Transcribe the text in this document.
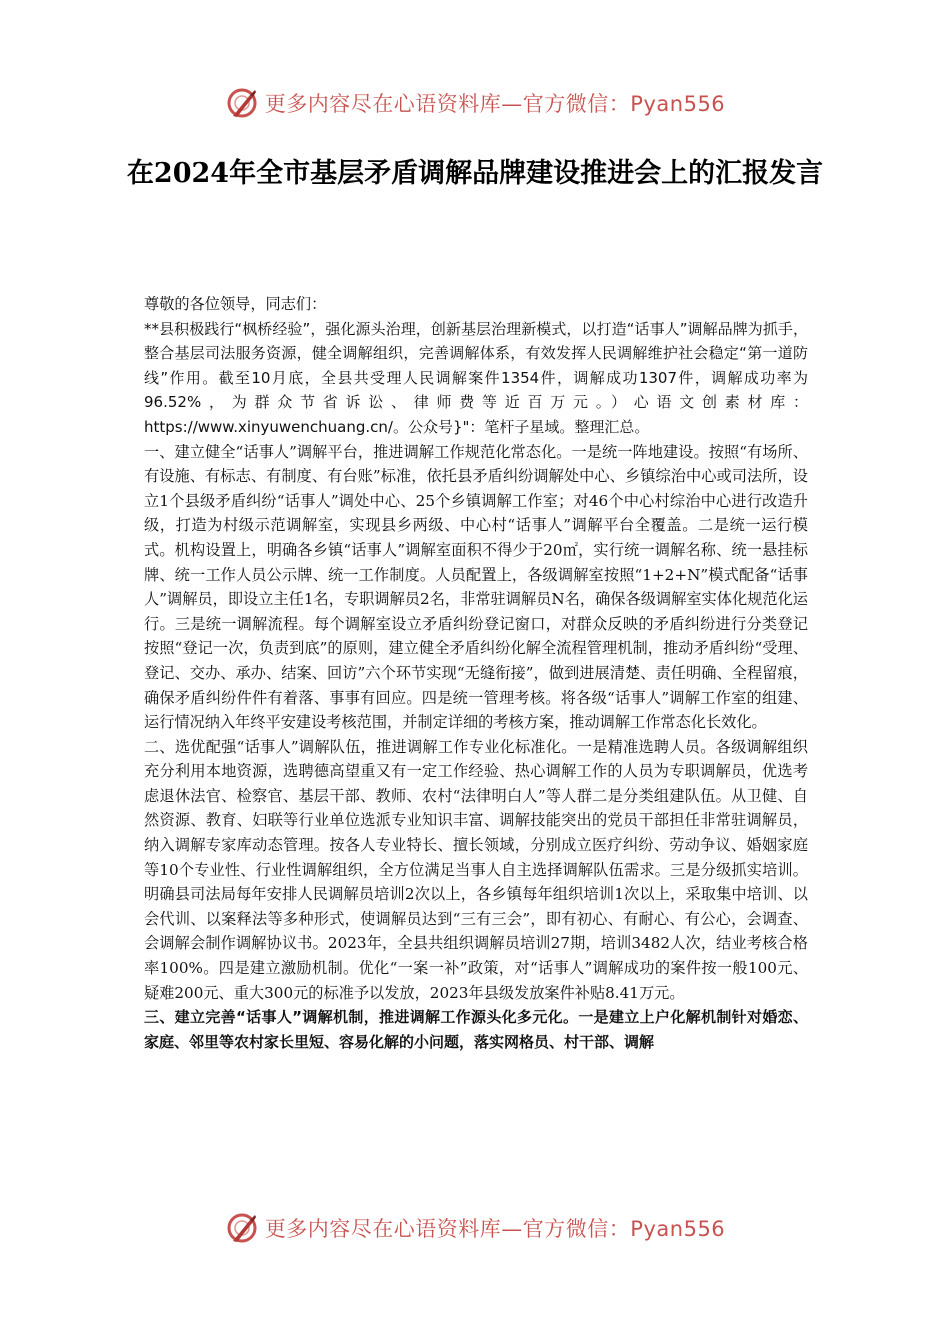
更多内容尽在心语资料库—官方微信：Pyan556
在2024年全市基层矛盾调解品牌建设推进会上的汇报发言

尊敬的各位领导，同志们：

**县积极践行“枫桥经验”，强化源头治理，创新基层治理新模式，以打造“话事人”调解品牌为抓手，整合基层司法服务资源，健全调解组织，完善调解体系，有效发挥人民调解维护社会稳定“第一道防线”作用。截至10月底，全县共受理人民调解案件1354件，调解成功1307件，调解成功率为96.52%，为群众节省诉讼、律师费等近百万元。）心语文创素材库：https://www.xinyuwenchuang.cn/。公众号}"：笔杆子星域。整理汇总。

一、建立健全“话事人”调解平台，推进调解工作规范化常态化。一是统一阵地建设。按照“有场所、有设施、有标志、有制度、有台账”标准，依托县矛盾纠纷调解处中心、乡镇综治中心或司法所，设立1个县级矛盾纠纷“话事人”调处中心、25个乡镇调解工作室；对46个中心村综治中心进行改造升级，打造为村级示范调解室，实现县乡两级、中心村“话事人”调解平台全覆盖。二是统一运行模式。机构设置上，明确各乡镇“话事人”调解室面积不得少于20㎡，实行统一调解名称、统一悬挂标牌、统一工作人员公示牌、统一工作制度。人员配置上，各级调解室按照“1+2+N”模式配备“话事人”调解员，即设立主任1名，专职调解员2名，非常驻调解员N名，确保各级调解室实体化规范化运行。三是统一调解流程。每个调解室设立矛盾纠纷登记窗口，对群众反映的矛盾纠纷进行分类登记按照“登记一次，负责到底”的原则，建立健全矛盾纠纷化解全流程管理机制，推动矛盾纠纷“受理、登记、交办、承办、结案、回访”六个环节实现“无缝衔接”，做到进展清楚、责任明确、全程留痕，确保矛盾纠纷件件有着落、事事有回应。四是统一管理考核。将各级“话事人”调解工作室的组建、运行情况纳入年终平安建设考核范围，并制定详细的考核方案，推动调解工作常态化长效化。

二、选优配强“话事人”调解队伍，推进调解工作专业化标准化。一是精准选聘人员。各级调解组织充分利用本地资源，选聘德高望重又有一定工作经验、热心调解工作的人员为专职调解员，优选考虑退休法官、检察官、基层干部、教师、农村“法律明白人”等人群二是分类组建队伍。从卫健、自然资源、教育、妇联等行业单位选派专业知识丰富、调解技能突出的党员干部担任非常驻调解员，纳入调解专家库动态管理。按各人专业特长、擅长领域，分别成立医疗纠纷、劳动争议、婚姻家庭等10个专业性、行业性调解组织，全方位满足当事人自主选择调解队伍需求。三是分级抓实培训。明确县司法局每年安排人民调解员培训2次以上，各乡镇每年组织培训1次以上，采取集中培训、以会代训、以案释法等多种形式，使调解员达到“三有三会”，即有初心、有耐心、有公心，会调查、会调解会制作调解协议书。2023年，全县共组织调解员培训27期，培训3482人次，结业考核合格率100%。四是建立激励机制。优化“一案一补”政策，对“话事人”调解成功的案件按一般100元、疑难200元、重大300元的标准予以发放，2023年县级发放案件补贴8.41万元。

三、建立完善“话事人”调解机制，推进调解工作源头化多元化。一是建立上户化解机制针对婚恋、家庭、邻里等农村家长里短、容易化解的小问题，落实网格员、村干部、调解

更多内容尽在心语资料库—官方微信：Pyan556
